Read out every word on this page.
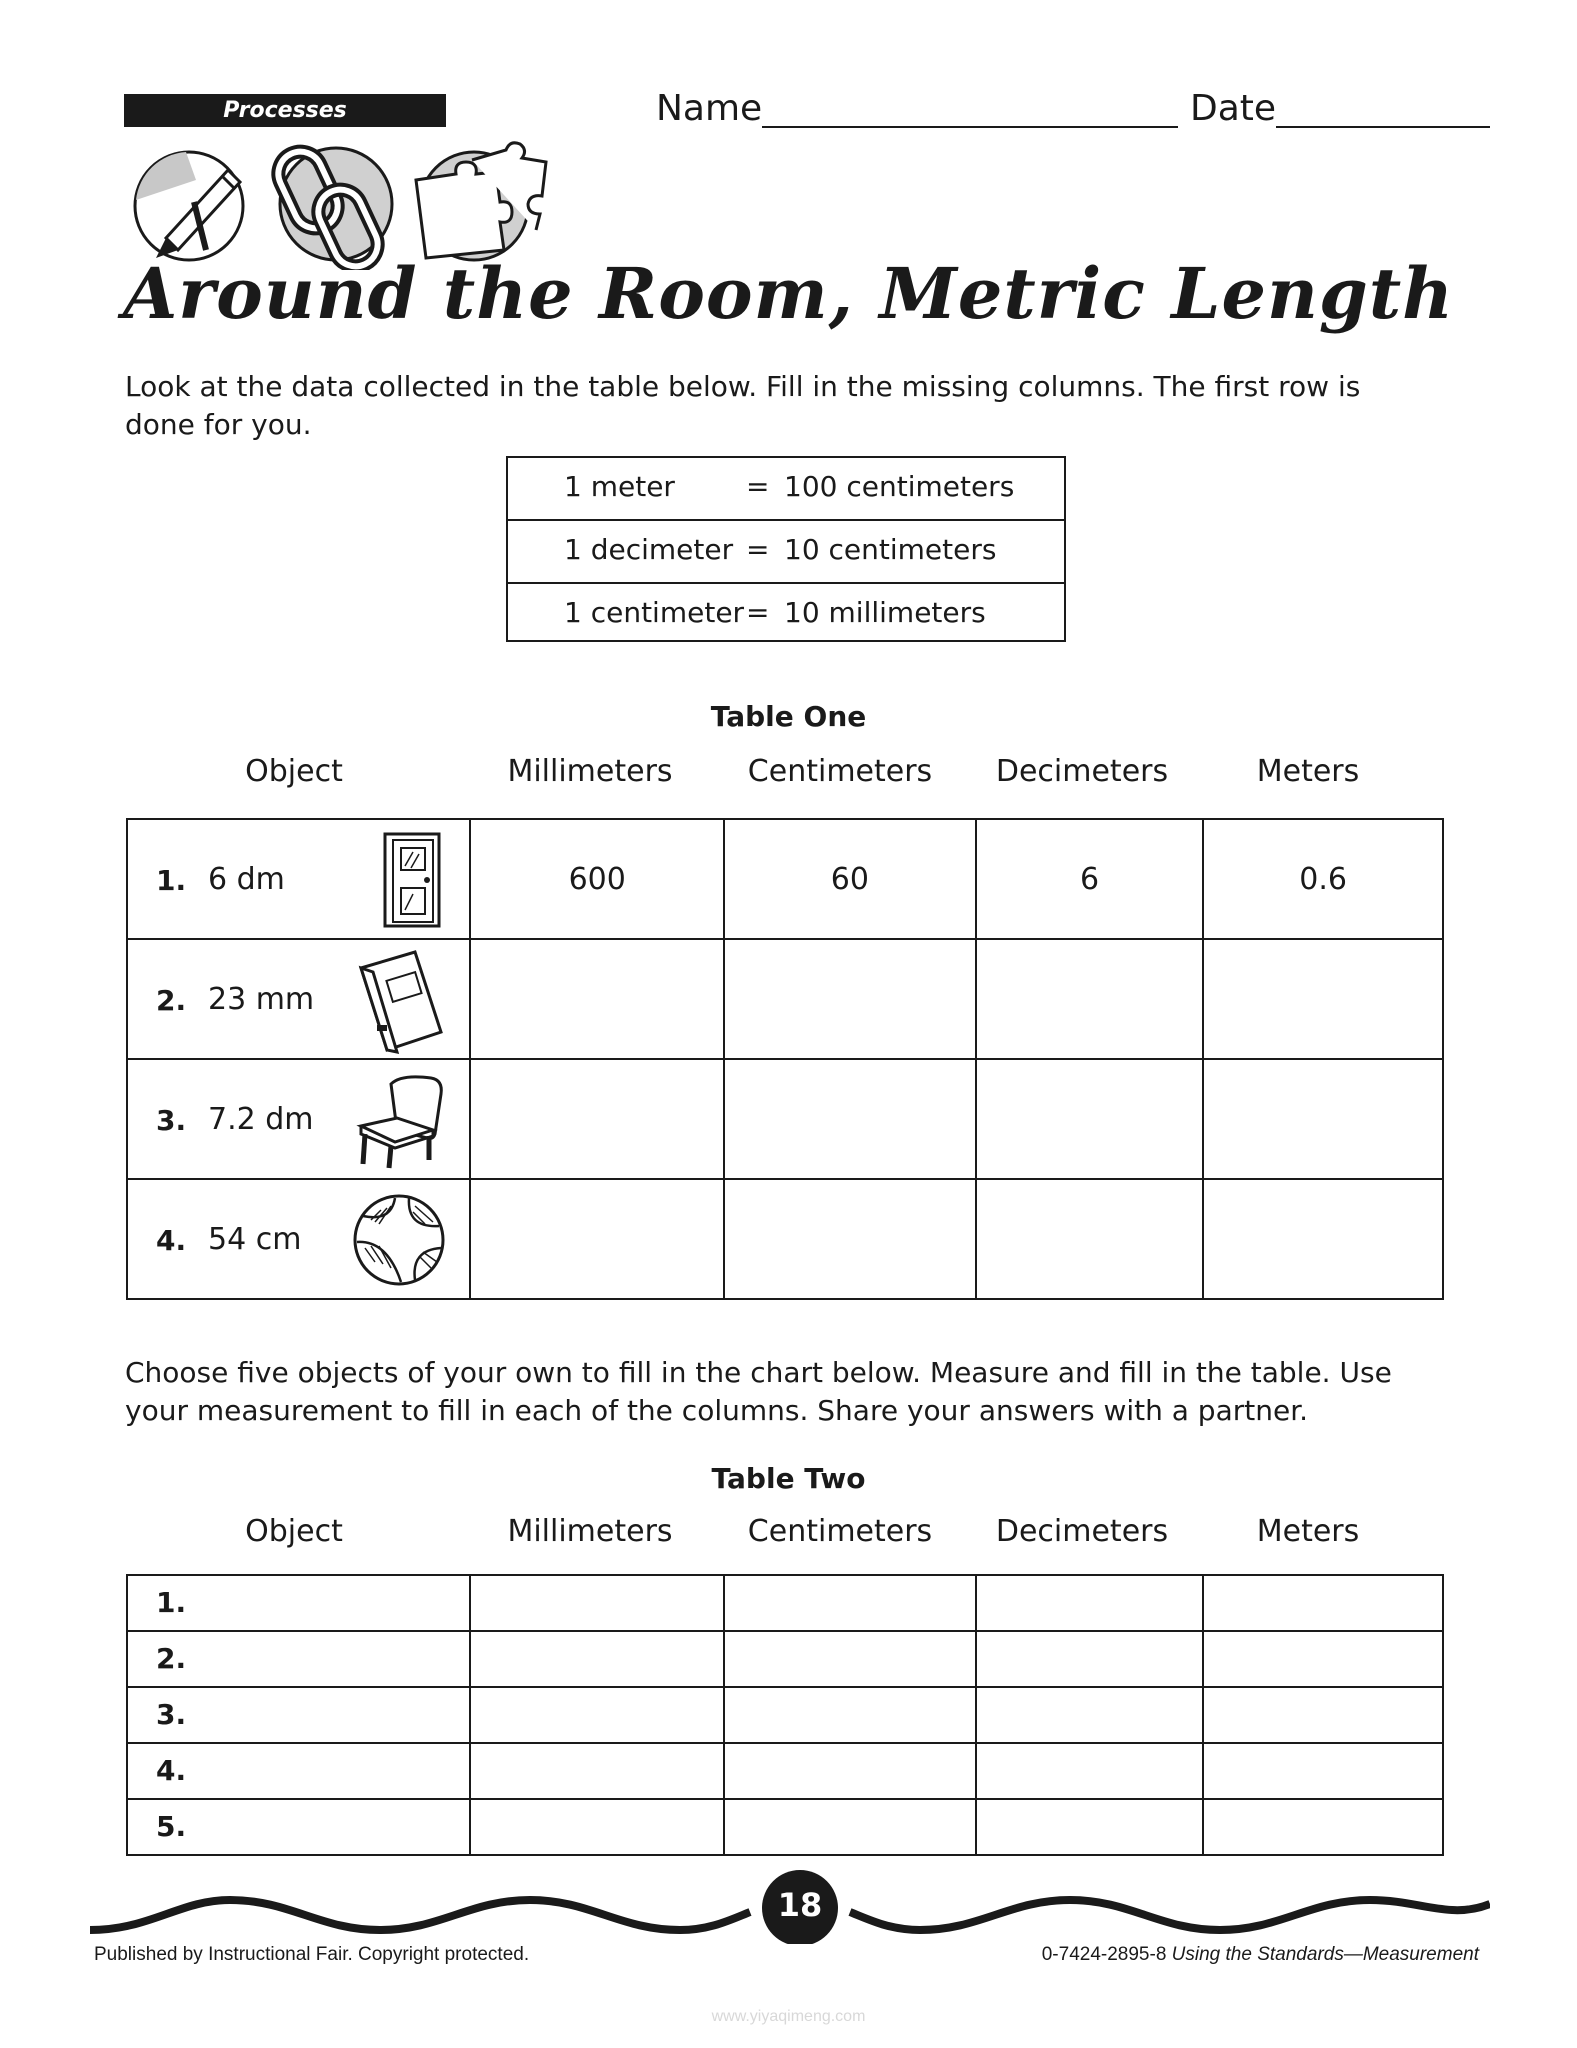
Processes	Name	Date
Around the Room, Metric Length
Look at the data collected in the table below. Fill in the missing columns. The first row is done for you.
1 meter	= 100 centimeters
1 decimeter = 10 centimeters
1 centimeter = 10 millimeters
Table One
Object	Millimeters	Centimeters	Decimeters	Meters
1. 6 dm	600	60	6	0.6

2. 23 mm				

3. 7.2 dm				

4. 54 cm				

Choose five objects of your own to fill in the chart below. Measure and fill in the table. Use your measurement to fill in each of the columns. Share your answers with a partner.
Table Two
Object	Millimeters	Centimeters	Decimeters	Meters
1.				

2.				

3.				

4.				

5.				

18
Published by Instructional Fair. Copyright protected.	0-7424-2895-8 Using the Standards—Measurement
www.yiyaqimeng.com
